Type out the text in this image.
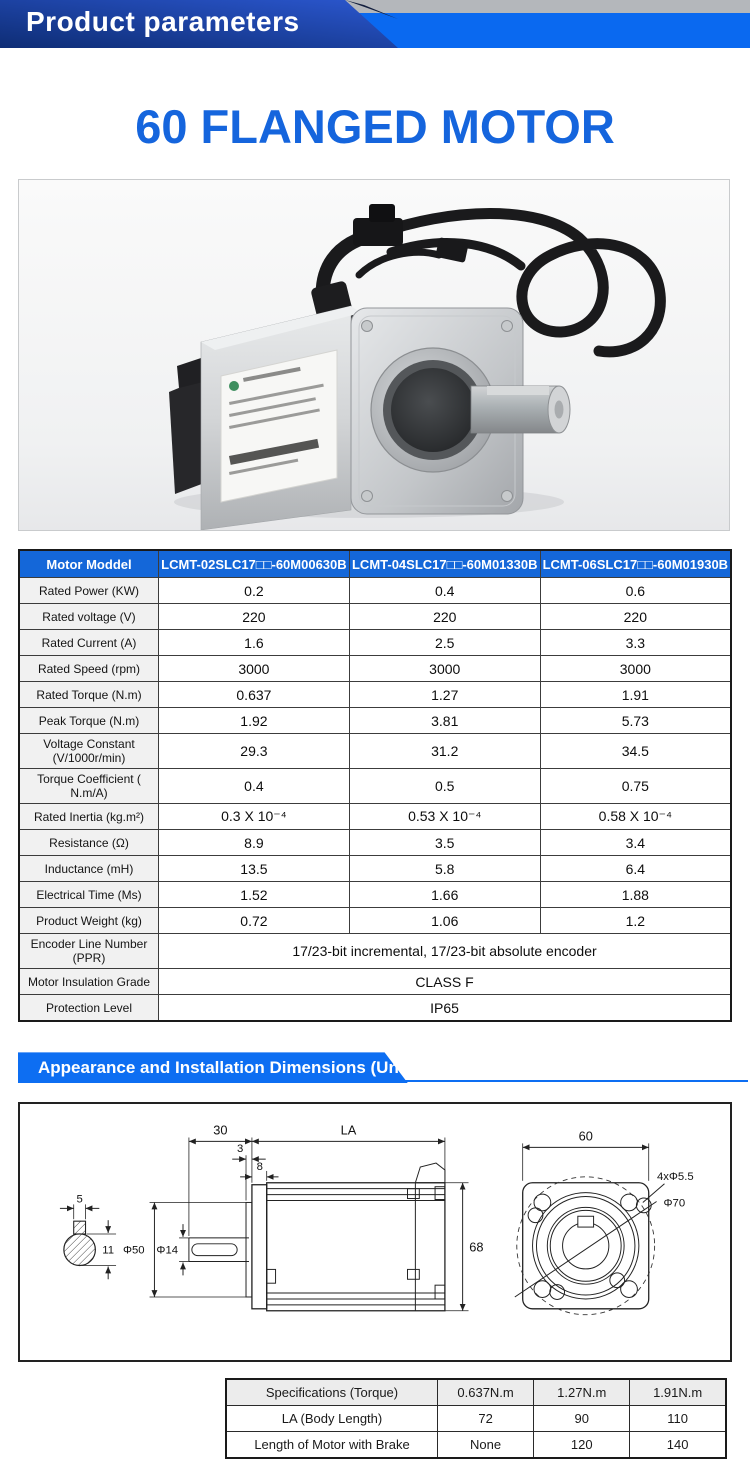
Product parameters
60 FLANGED MOTOR
Motor Moddel	LCMT-02SLC17□□-60M00630B	LCMT-04SLC17□□-60M01330B	LCMT-06SLC17□□-60M01930B
Rated Power (KW)	0.2	0.4	0.6
Rated voltage (V)	220	220	220
Rated Current (A)	1.6	2.5	3.3
Rated Speed (rpm)	3000	3000	3000
Rated Torque (N.m)	0.637	1.27	1.91
Peak Torque (N.m)	1.92	3.81	5.73
Voltage Constant (V/1000r/min)	29.3	31.2	34.5
Torque Coefficient ( N.m/A)	0.4	0.5	0.75
Rated Inertia (kg.m²)	0.3 X 10⁻⁴	0.53 X 10⁻⁴	0.58 X 10⁻⁴
Resistance (Ω)	8.9	3.5	3.4
Inductance (mH)	13.5	5.8	6.4
Electrical Time (Ms)	1.52	1.66	1.88
Product Weight (kg)	0.72	1.06	1.2
Encoder Line Number (PPR)	17/23-bit incremental, 17/23-bit absolute encoder		
Motor Insulation Grade	CLASS F		
Protection Level	IP65		
Appearance and Installation Dimensions (Unit: mm)
5
11
30	LA
3
8
Φ50 Φ14	68
60
4xΦ5.5
Φ70
Specifications (Torque)	0.637N.m	1.27N.m	1.91N.m
LA (Body Length)	72	90	110
Length of Motor with Brake	None	120	140
